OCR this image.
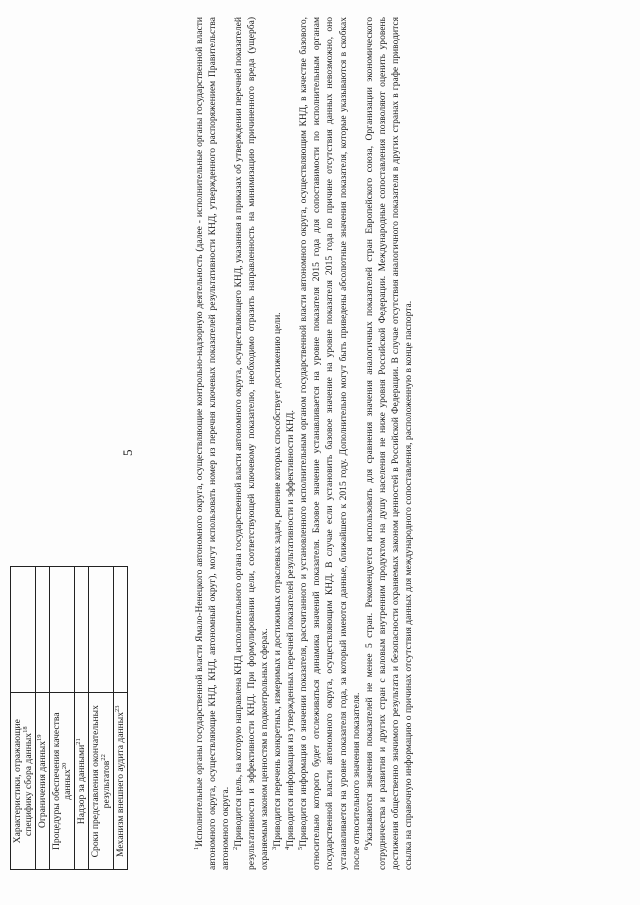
5
Характеристики, отражающие специфику сбора данных$^{18}$	
Ограничения данных$^{19}$	
Процедуры обеспечения качества данных$^{20}$	
Надзор за данными$^{21}$	
Сроки представления окончательных результатов$^{22}$	
Механизм внешнего аудита данных$^{23}$	

$^1$Исполнительные органы государственной власти Ямало-Ненецкого автономного округа, осуществляющие контрольно-надзорную деятельность (далее - исполнительные органы государственной власти автономного округа, осуществляющие КНД, КНД, автономный округ), могут использовать номер из перечня ключевых показателей результативности КНД, утвержденного распоряжением Правительства автономного округа. $^2$Приводится цель, на которую направлена КНД исполнительного органа государственной власти автономного округа, осуществляющего КНД, указанная в приказах об утверждении перечней показателей результативности и эффективности КНД. При формулировании цели, соответствующей ключевому показателю, необходимо отразить направленность на минимизацию причиненного вреда (ущерба) охраняемым законом ценностям в подконтрольных сферах. $^3$Приводится перечень конкретных, измеримых и достижимых отраслевых задач, решение которых способствует достижению цели.

$^4$Приводится информация из утвержденных перечней показателей результативности и эффективности КНД.

$^5$Приводится информация о значении показателя, рассчитанного и установленного исполнительным органом государственной власти автономного округа, осуществляющим КНД, в качестве базового, относительно которого будет отслеживаться динамика значений показателя. Базовое значение устанавливается на уровне показателя 2015 года для сопоставимости по исполнительным органам государственной власти автономного округа, осуществляющим КНД. В случае если установить базовое значение на уровне показателя 2015 года по причине отсутствия данных невозможно, оно устанавливается на уровне показателя года, за который имеются данные, ближайшего к 2015 году. Дополнительно могут быть приведены абсолютные значения показателя, которые указываются в скобках после относительного значения показателя. $^6$Указываются значения показателей не менее 5 стран. Рекомендуется использовать для сравнения значения аналогичных показателей стран Европейского союза, Организации экономического сотрудничества и развития и других стран с валовым внутренним продуктом на душу населения не ниже уровня Российской Федерации. Международные сопоставления позволяют оценить уровень достижения общественно значимого результата и безопасности охраняемых законом ценностей в Российской Федерации. В случае отсутствия аналогичного показателя в других странах в графе приводится ссылка на справочную информацию о причинах отсутствия данных для международного сопоставления, расположенную в конце паспорта.
